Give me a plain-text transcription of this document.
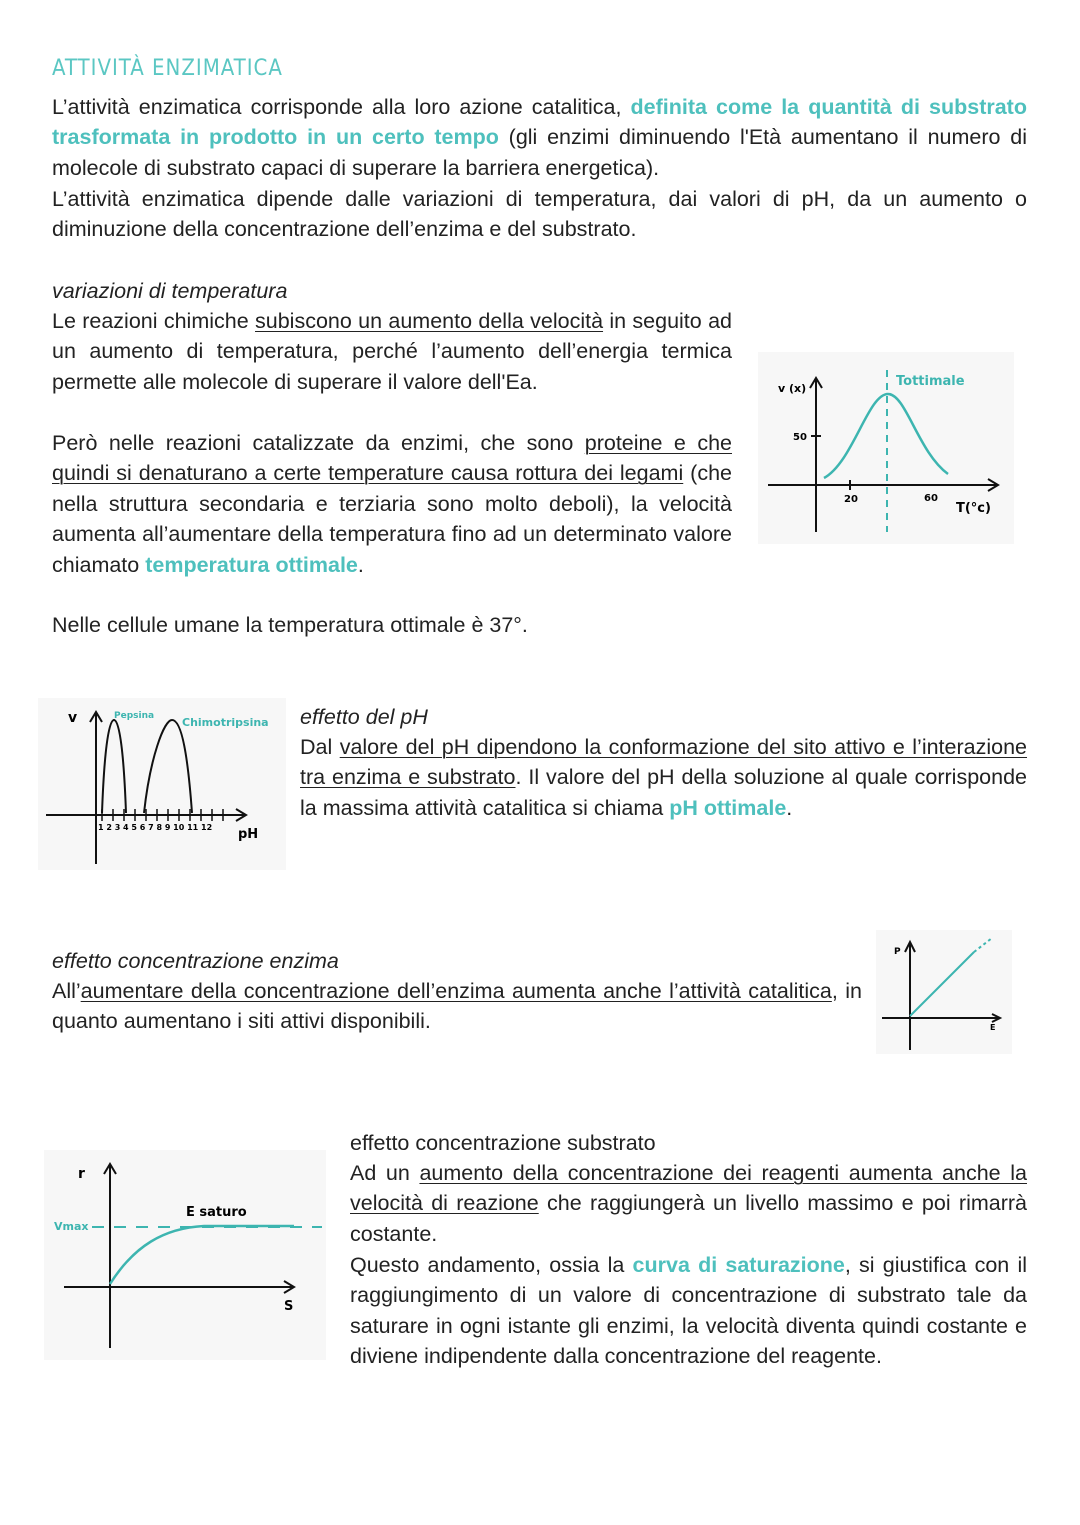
ATTIVITÀ ENZIMATICA
L’attività enzimatica corrisponde alla loro azione catalitica, definita come la quantità di substrato trasformata in prodotto in un certo tempo (gli enzimi diminuendo l'Età aumentano il numero di molecole di substrato capaci di superare la barriera energetica).
L’attività enzimatica dipende dalle variazioni di temperatura, dai valori di pH, da un aumento o diminuzione della concentrazione dell’enzima e del substrato.
variazioni di temperatura
Le reazioni chimiche subiscono un aumento della velocità in seguito ad un aumento di temperatura, perché l’aumento dell’energia termica permette alle molecole di superare il valore dell'Ea.
Però nelle reazioni catalizzate da enzimi, che sono proteine e che quindi si denaturano a certe temperature causa rottura dei legami (che nella struttura secondaria e terziaria sono molto deboli), la velocità aumenta all’aumentare della temperatura fino ad un determinato valore chiamato temperatura ottimale.
Nelle cellule umane la temperatura ottimale è 37°.
v (x)
50
20	60
T(°c)
Tottimale
1 2 3 4 5 6 7 8 9 10 11 12 pH
v	Pepsina	Chimotripsina effetto del pH
Dal valore del pH dipendono la conformazione del sito attivo e l’interazione tra enzima e substrato. Il valore del pH della soluzione al quale corrisponde la massima attività catalitica si chiama pH ottimale.
effetto concentrazione enzima
All’aumentare della concentrazione dell’enzima aumenta anche l’attività catalitica, in quanto aumentano i siti attivi disponibili.
P
E
r
Vmax
E saturo
S
effetto concentrazione substrato
Ad un aumento della concentrazione dei reagenti aumenta anche la velocità di reazione che raggiungerà un livello massimo e poi rimarrà costante.
Questo andamento, ossia la curva di saturazione, si giustifica con il raggiungimento di un valore di concentrazione di substrato tale da saturare in ogni istante gli enzimi, la velocità diventa quindi costante e diviene indipendente dalla concentrazione del reagente.
